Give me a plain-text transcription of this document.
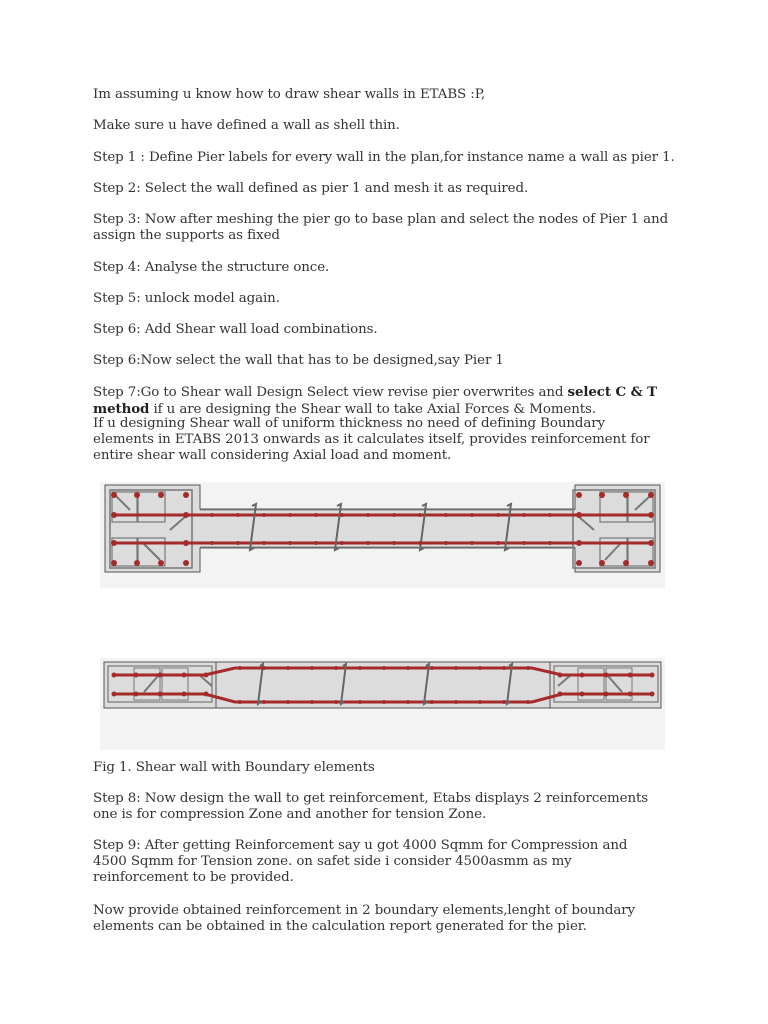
Im assuming u know how to draw shear walls in ETABS :P,

Make sure u have defined a wall as shell thin.

Step 1 : Define Pier labels for every wall in the plan,for instance name a wall as pier 1.

Step 2: Select the wall defined as pier 1 and mesh it as required.

Step 3: Now after meshing the pier go to base plan and select the nodes of Pier 1 and assign the supports as fixed

Step 4: Analyse the structure once.

Step 5: unlock model again.

Step 6: Add Shear wall load combinations.

Step 6:Now select the wall that has to be designed,say Pier 1

Step 7:Go to Shear wall Design Select view revise pier overwrites and select C & T method if u are designing the Shear wall to take Axial Forces & Moments.

If u designing Shear wall of uniform thickness no need of defining Boundary elements in ETABS 2013 onwards as it calculates itself, provides reinforcement for entire shear wall considering Axial load and moment.

Fig 1. Shear wall with Boundary elements

Step 8: Now design the wall to get reinforcement, Etabs displays 2 reinforcements one is for compression Zone and another for tension Zone.

Step 9: After getting Reinforcement say u got 4000 Sqmm for Compression and 4500 Sqmm for Tension zone. on safet side i consider 4500asmm as my reinforcement to be provided.

Now provide obtained reinforcement in 2 boundary elements,lenght of boundary elements can be obtained in the calculation report generated for the pier.
